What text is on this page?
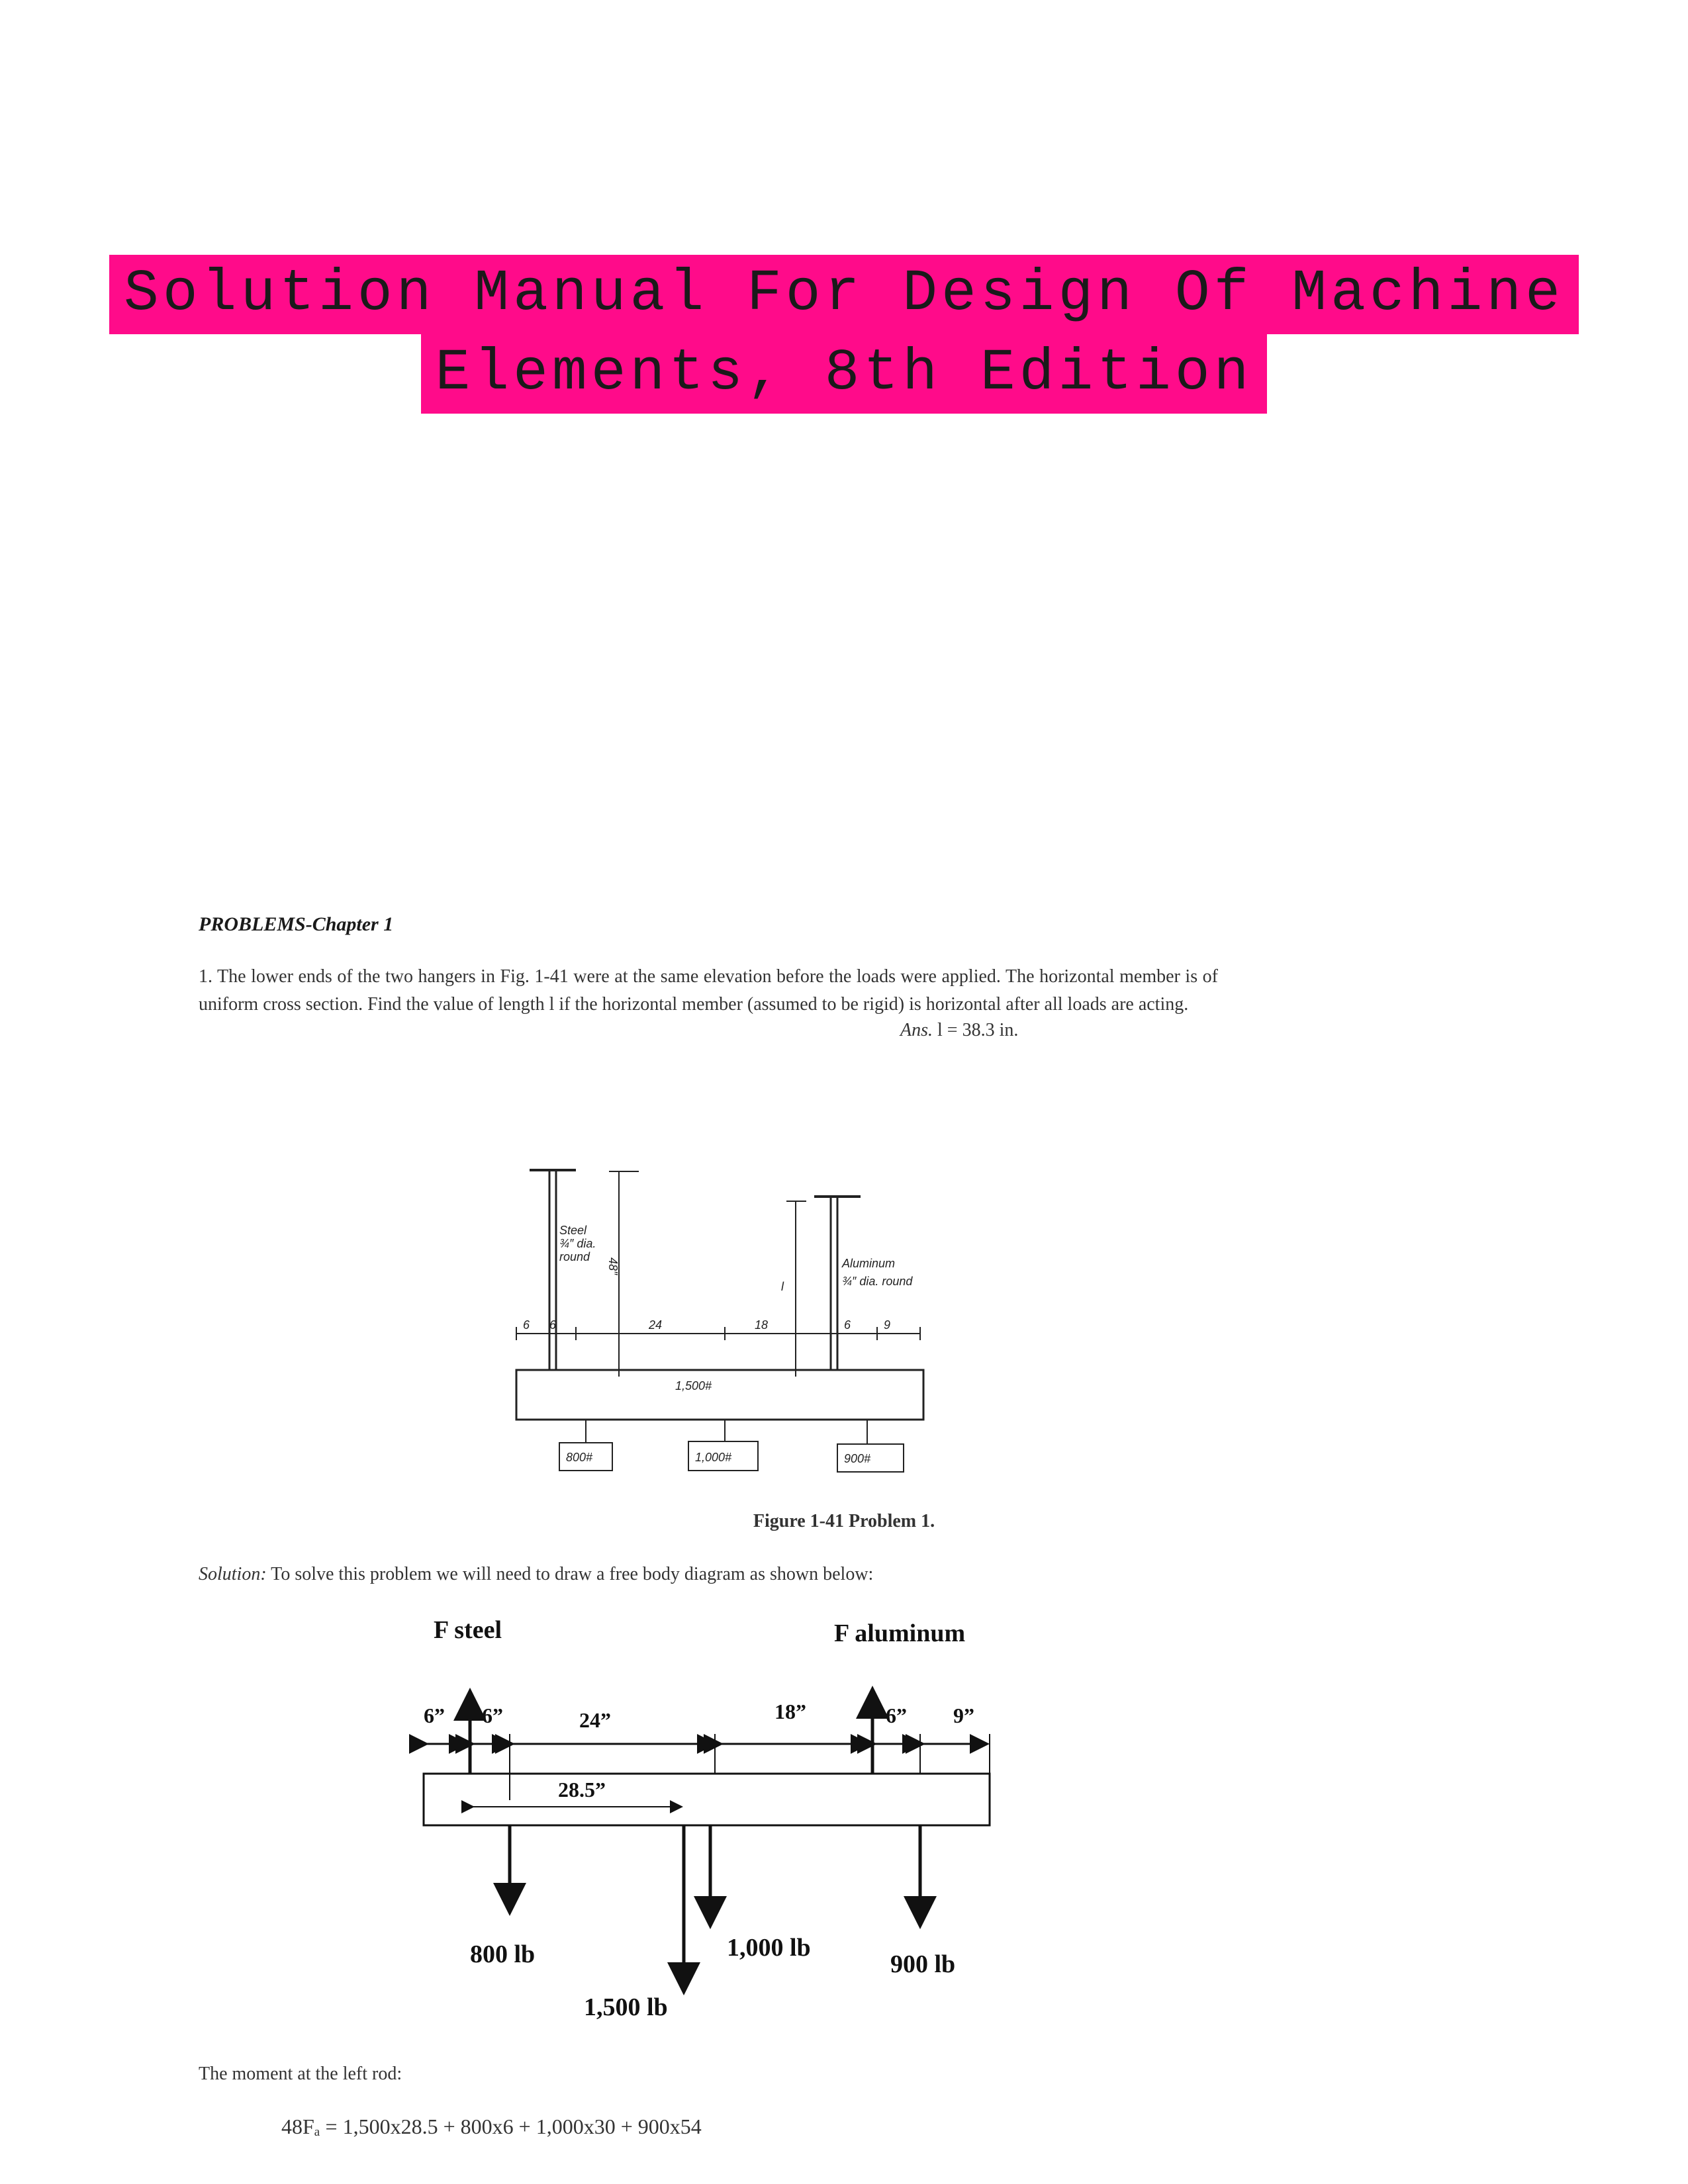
Solution Manual For Design Of Machine
Elements, 8th Edition
PROBLEMS-Chapter 1
1. The lower ends of the two hangers in Fig. 1-41 were at the same elevation before the loads were applied. The horizontal member is of uniform cross section. Find the value of length l if the horizontal member (assumed to be rigid) is horizontal after all loads are acting.
Ans. l = 38.3 in.
Steel
¾″ dia.
round
48″	Aluminum
¾″ dia. round
l
6 6	24	18	6	9
1,500#
800#	1,000#	900#
Figure 1-41 Problem 1.
Solution: To solve this problem we will need to draw a free body diagram as shown below:
F steel	F aluminum
6” 6”	24”	18”	6” 9”
28.5”
800 lb
1,500 lb
1,000 lb
900 lb
The moment at the left rod:
48Fₐ = 1,500x28.5 + 800x6 + 1,000x30 + 900x54
